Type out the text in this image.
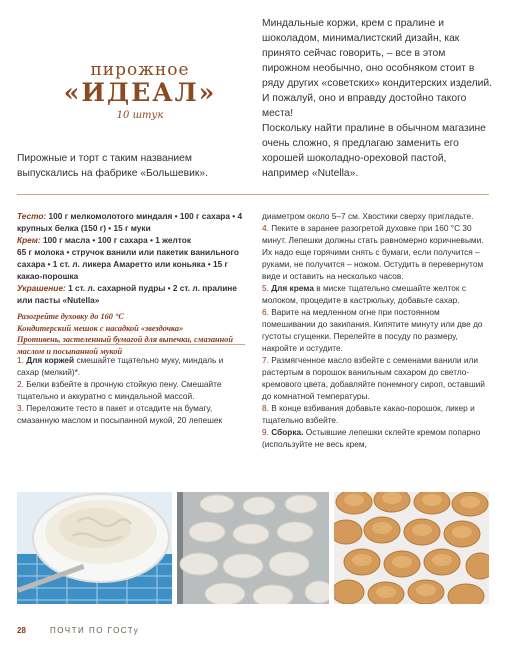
пирожное
«ИДЕАЛ»
10 штук
Пирожные и торт с таким названием выпускались на фабрике «Большевик».

Миндальные коржи, крем с пралине и шоколадом, минималистский дизайн, как принято сейчас говорить, – все в этом пирожном необычно, оно особняком стоит в ряду других «советских» кондитерских изделий. И пожалуй, оно и вправду достойно такого места!

Поскольку найти пралине в обычном магазине очень сложно, я предлагаю заменить его хорошей шоколадно-ореховой пастой, например «Nutella».

Тесто: 100 г мелкомолотого миндаля • 100 г сахара • 4 крупных белка (150 г) • 15 г муки
Крем: 100 г масла • 100 г сахара • 1 желток
65 г молока • стручок ванили или пакетик ванильного сахара • 1 ст. л. ликера Амаретто или коньяка • 15 г какао-порошка
Украшение: 1 ст. л. сахарной пудры • 2 ст. л. пралине или пасты «Nutella»
Разогрейте духовку до 160 °С
Кондитерский мешок с насадкой «звездочка»
Противень, застеленный бумагой для выпечки, смазанной маслом и посыпанной мукой
1. Для коржей смешайте тщательно муку, миндаль и сахар (мелкий)*.
2. Белки взбейте в прочную стойкую пену. Смешайте тщательно и аккуратно с миндальной массой.
3. Переложите тесто в пакет и отсадите на бумагу, смазанную маслом и посыпанной мукой, 20 лепешек
диаметром около 5–7 см. Хвостики сверху пригладьте.
4. Пеките в заранее разогретой духовке при 160 °С 30 минут. Лепешки должны стать равномерно коричневыми. Их надо еще горячими снять с бумаги, если получится – руками, не получится – ножом. Остудить в перевернутом виде и оставить на несколько часов.
5. Для крема в миске тщательно смешайте желток с молоком, процедите в кастрюльку, добавьте сахар.
6. Варите на медленном огне при постоянном помешивании до закипания. Кипятите минуту или две до густоты сгущенки. Перелейте в посуду по размеру, накройте и остудите.
7. Размягченное масло взбейте с семенами ванили или растертым в порошок ванильным сахаром до светло-кремового цвета, добавляйте понемногу сироп, оставший до комнатной температуры.
8. В конце взбивания добавьте какао-порошок, ликер и тщательно взбейте.
9. Сборка. Остывшие лепешки склейте кремом попарно (используйте не весь крем,
28	ПОЧТИ ПО ГОСТу
